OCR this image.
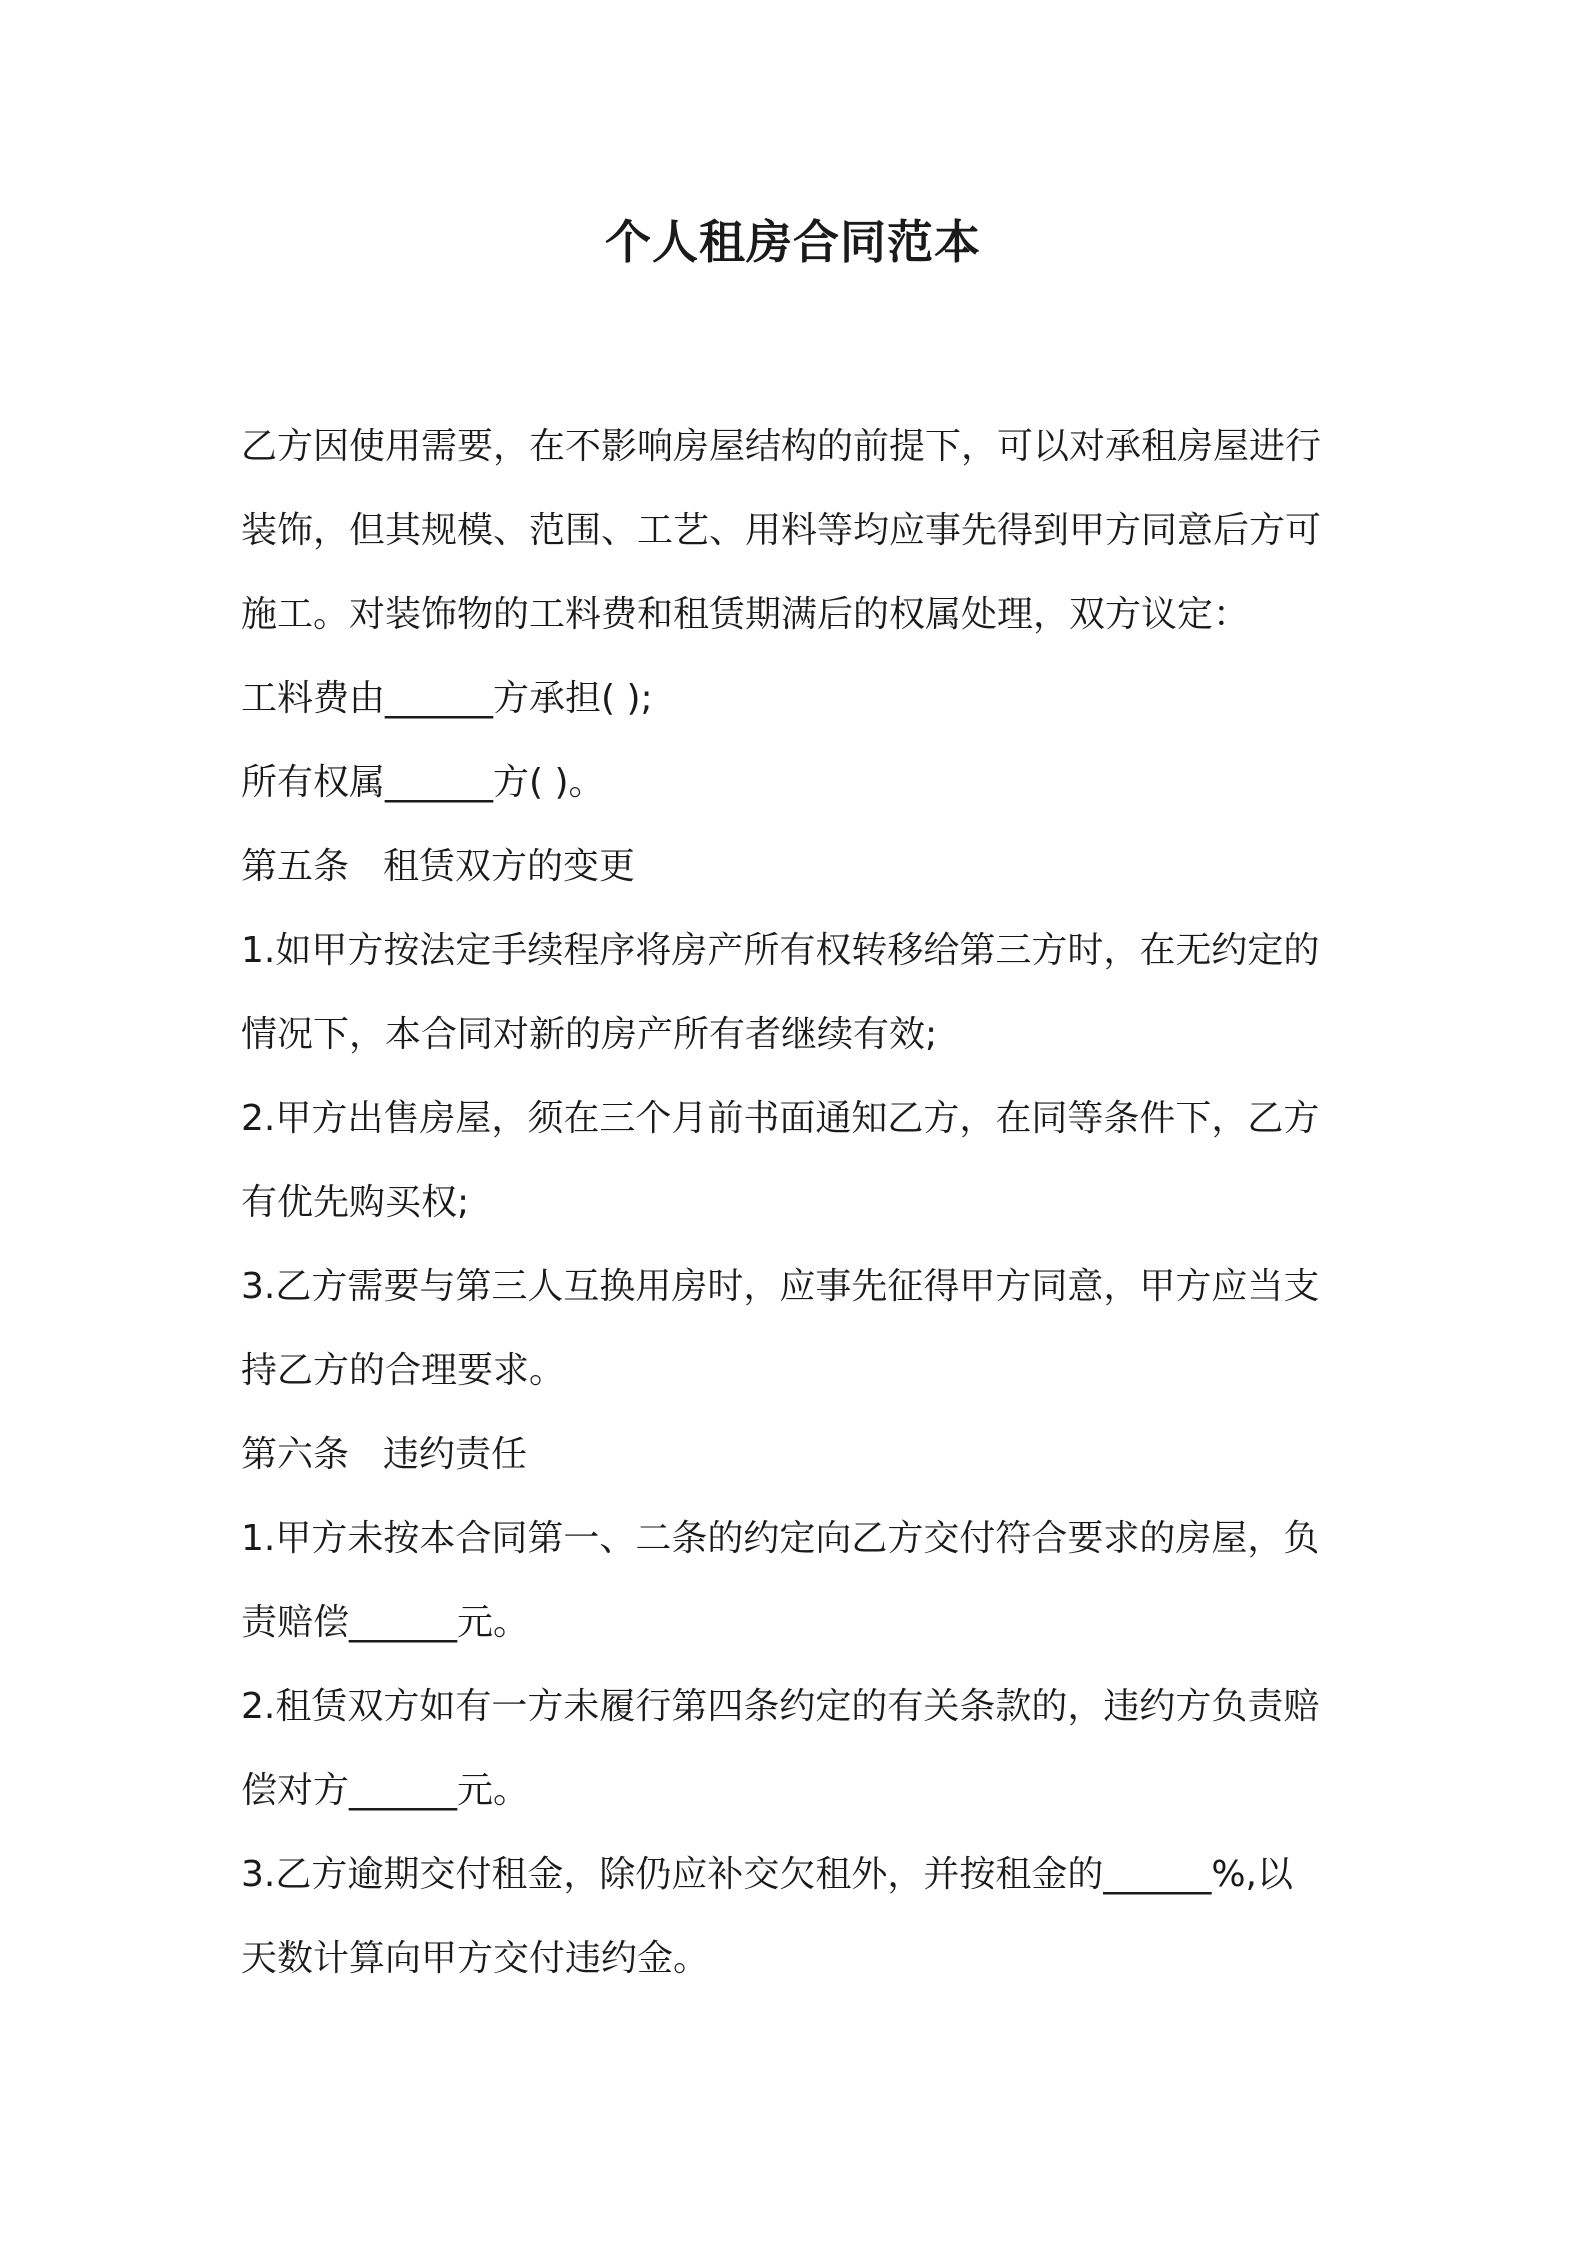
个人租房合同范本
乙方因使用需要，在不影响房屋结构的前提下，可以对承租房屋进行
装饰，但其规模、范围、工艺、用料等均应事先得到甲方同意后方可
施工。对装饰物的工料费和租赁期满后的权属处理，双方议定：
工料费由______方承担( );
所有权属______方( )。
第五条 租赁双方的变更
1.如甲方按法定手续程序将房产所有权转移给第三方时，在无约定的
情况下，本合同对新的房产所有者继续有效;
2.甲方出售房屋，须在三个月前书面通知乙方，在同等条件下，乙方
有优先购买权;
3.乙方需要与第三人互换用房时，应事先征得甲方同意，甲方应当支
持乙方的合理要求。
第六条 违约责任
1.甲方未按本合同第一、二条的约定向乙方交付符合要求的房屋，负
责赔偿______元。
2.租赁双方如有一方未履行第四条约定的有关条款的，违约方负责赔
偿对方______元。
3.乙方逾期交付租金，除仍应补交欠租外，并按租金的______%,以
天数计算向甲方交付违约金。
